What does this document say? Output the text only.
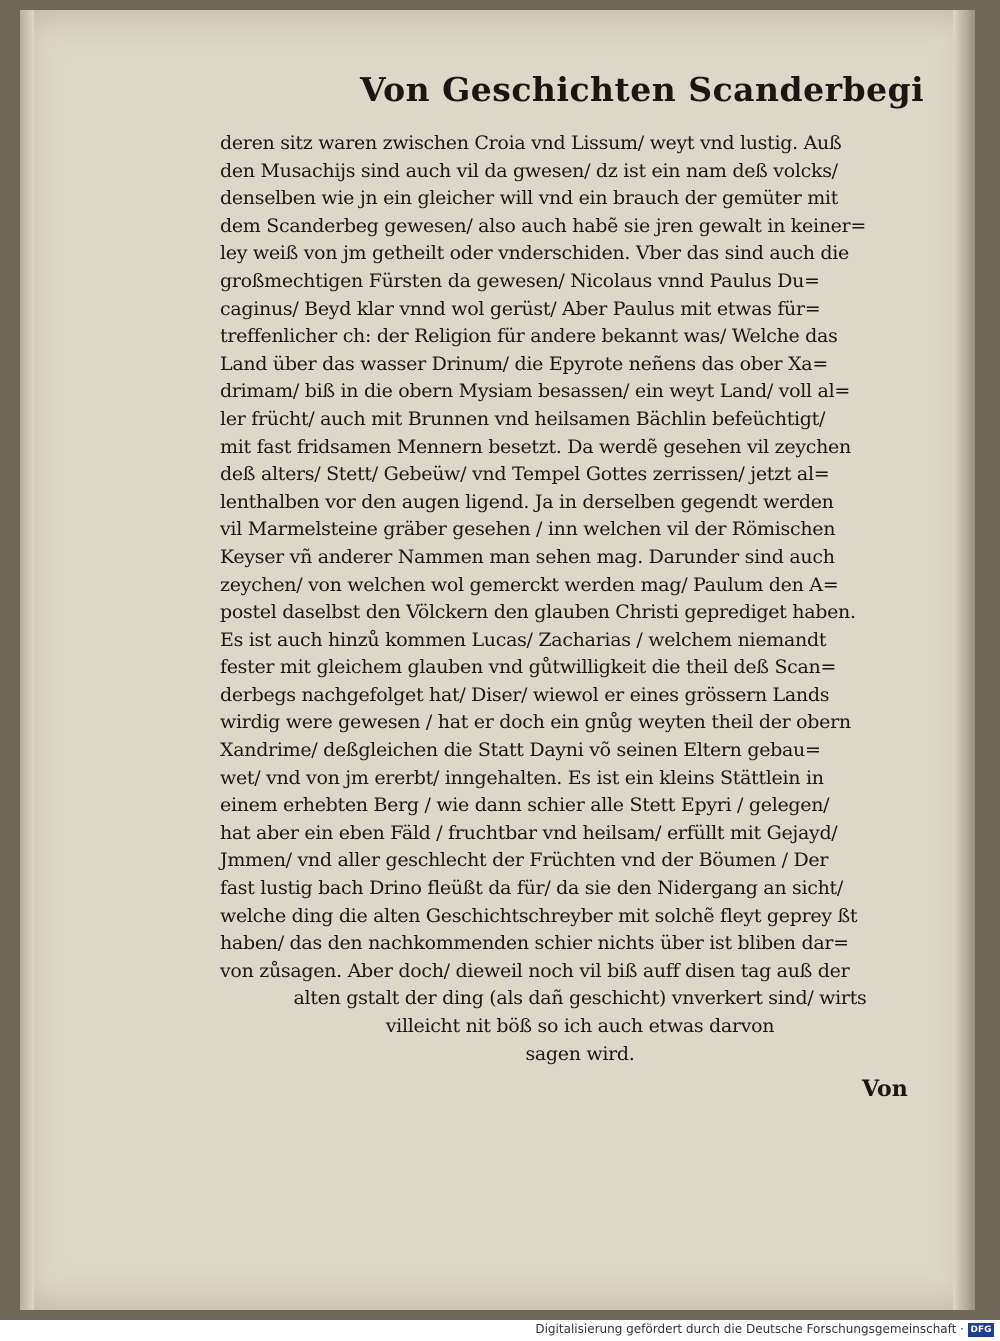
Von Geschichten Scanderbegi
deren sitz waren zwischen Croia vnd Lissum/ weyt vnd lustig. Auß
den Musachijs sind auch vil da gwesen/ dz ist ein nam deß volcks/
denselben wie jn ein gleicher will vnd ein brauch der gemüter mit
dem Scanderbeg gewesen/ also auch habẽ sie jren gewalt in keiner=
ley weiß von jm getheilt oder vnderschiden. Vber das sind auch die
großmechtigen Fürsten da gewesen/ Nicolaus vnnd Paulus Du=
caginus/ Beyd klar vnnd wol gerüst/ Aber Paulus mit etwas für=
treffenlicher ch: der Religion für andere bekannt was/ Welche das
Land über das wasser Drinum/ die Epyrote neñens das ober Xa=
drimam/ biß in die obern Mysiam besassen/ ein weyt Land/ voll al=
ler frücht/ auch mit Brunnen vnd heilsamen Bächlin befeüchtigt/
mit fast fridsamen Mennern besetzt. Da werdẽ gesehen vil zeychen
deß alters/ Stett/ Gebeüw/ vnd Tempel Gottes zerrissen/ jetzt al=
lenthalben vor den augen ligend. Ja in derselben gegendt werden
vil Marmelsteine gräber gesehen / inn welchen vil der Römischen
Keyser vñ anderer Nammen man sehen mag. Darunder sind auch
zeychen/ von welchen wol gemerckt werden mag/ Paulum den A=
postel daselbst den Völckern den glauben Christi geprediget haben.
Es ist auch hinzů kommen Lucas/ Zacharias / welchem niemandt
fester mit gleichem glauben vnd gůtwilligkeit die theil deß Scan=
derbegs nachgefolget hat/ Diser/ wiewol er eines grössern Lands
wirdig were gewesen / hat er doch ein gnůg weyten theil der obern
Xandrime/ deßgleichen die Statt Dayni võ seinen Eltern gebau=
wet/ vnd von jm ererbt/ inngehalten. Es ist ein kleins Stättlein in
einem erhebten Berg / wie dann schier alle Stett Epyri / gelegen/
hat aber ein eben Fäld / fruchtbar vnd heilsam/ erfüllt mit Gejayd/
Jmmen/ vnd aller geschlecht der Früchten vnd der Böumen / Der
fast lustig bach Drino fleüßt da für/ da sie den Nidergang an sicht/
welche ding die alten Geschichtschreyber mit solchẽ fleyt geprey ßt
haben/ das den nachkommenden schier nichts über ist bliben dar=
von zůsagen. Aber doch/ dieweil noch vil biß auff disen tag auß der
alten gstalt der ding (als dañ geschicht) vnverkert sind/ wirts
villeicht nit böß so ich auch etwas darvon
sagen wird.
Von
Digitalisierung gefördert durch die Deutsche Forschungsgemeinschaft · DFG
